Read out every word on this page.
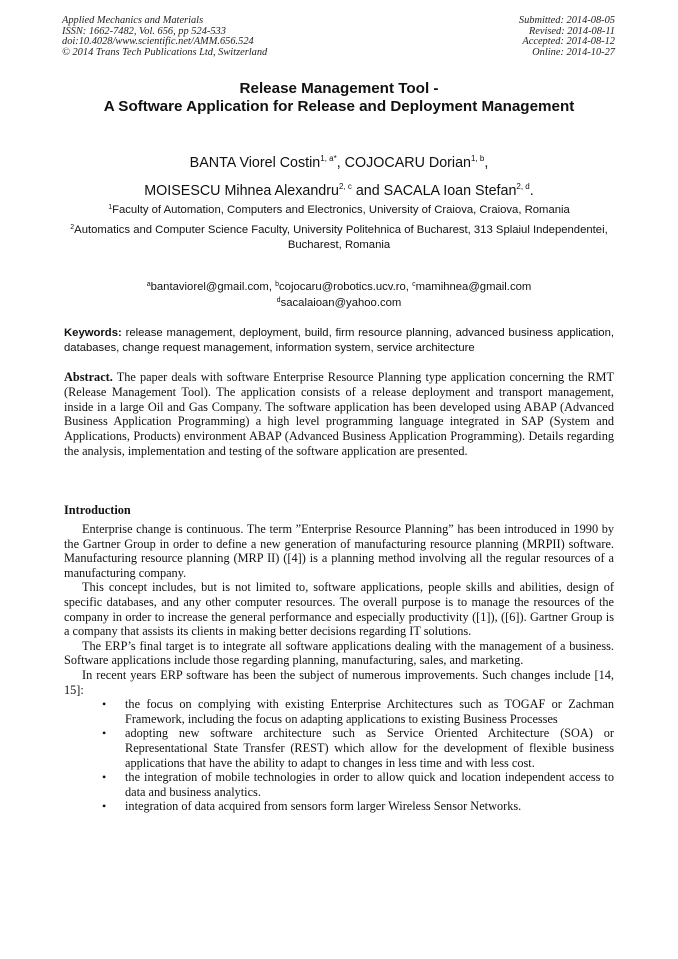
Applied Mechanics and Materials
ISSN: 1662-7482, Vol. 656, pp 524-533
doi:10.4028/www.scientific.net/AMM.656.524
© 2014 Trans Tech Publications Ltd, Switzerland
Submitted: 2014-08-05
Revised: 2014-08-11
Accepted: 2014-08-12
Online: 2014-10-27
Release Management Tool -
A Software Application for Release and Deployment Management
BANTA Viorel Costin$^{1, a*}$, COJOCARU Dorian$^{1, b}$,
MOISESCU Mihnea Alexandru$^{2, c}$ and SACALA Ioan Stefan$^{2, d}$.
$^1$Faculty of Automation, Computers and Electronics, University of Craiova, Craiova, Romania
$^2$Automatics and Computer Science Faculty, University Politehnica of Bucharest, 313 Splaiul Independentei, Bucharest, Romania
$^a$bantaviorel@gmail.com, $^b$cojocaru@robotics.ucv.ro, $^c$mamihnea@gmail.com
$^d$sacalaioan@yahoo.com
Keywords: release management, deployment, build, firm resource planning, advanced business application, databases, change request management, information system, service architecture
Abstract. The paper deals with software Enterprise Resource Planning type application concerning the RMT (Release Management Tool). The application consists of a release deployment and transport management, inside in a large Oil and Gas Company. The software application has been developed using ABAP (Advanced Business Application Programming) a high level programming language integrated in SAP (System and Applications, Products) environment ABAP (Advanced Business Application Programming). Details regarding the analysis, implementation and testing of the software application are presented.
Introduction

Enterprise change is continuous. The term ”Enterprise Resource Planning” has been introduced in 1990 by the Gartner Group in order to define a new generation of manufacturing resource planning (MRPII) software. Manufacturing resource planning (MRP II) ([4]) is a planning method involving all the regular resources of a manufacturing company.

This concept includes, but is not limited to, software applications, people skills and abilities, design of specific databases, and any other computer resources. The overall purpose is to manage the resources of the company in order to increase the general performance and especially productivity ([1]), ([6]). Gartner Group is a company that assists its clients in making better decisions regarding IT solutions.

The ERP’s final target is to integrate all software applications dealing with the management of a business. Software applications include those regarding planning, manufacturing, sales, and marketing.

In recent years ERP software has been the subject of numerous improvements. Such changes include [14, 15]:

• the focus on complying with existing Enterprise Architectures such as TOGAF or Zachman Framework, including the focus on adapting applications to existing Business Processes
• adopting new software architecture such as Service Oriented Architecture (SOA) or Representational State Transfer (REST) which allow for the development of flexible business applications that have the ability to adapt to changes in less time and with less cost.
• the integration of mobile technologies in order to allow quick and location independent access to data and business analytics.
• integration of data acquired from sensors form larger Wireless Sensor Networks.
